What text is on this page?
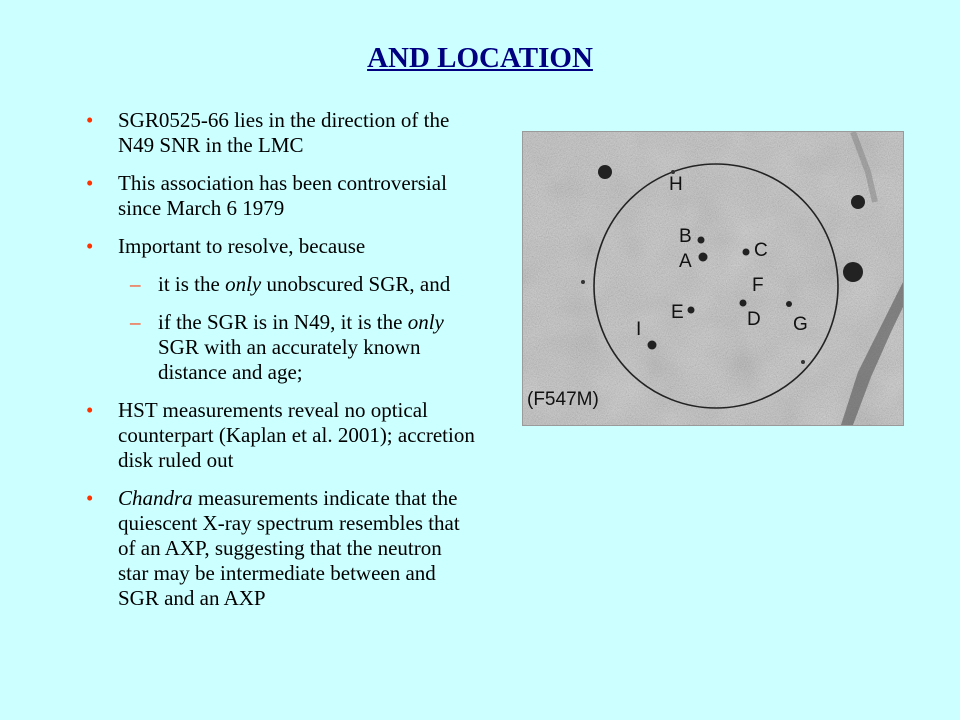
AND LOCATION
• SGR0525-66 lies in the direction of the N49 SNR in the LMC
• This association has been controversial since March 6 1979
• Important to resolve, because
– it is the only unobscured SGR, and
– if the SGR is in N49, it is the only SGR with an accurately known distance and age;
• HST measurements reveal no optical counterpart (Kaplan et al. 2001); accretion disk ruled out
• Chandra measurements indicate that the quiescent X-ray spectrum resembles that of an AXP, suggesting that the neutron star may be intermediate between and SGR and an AXP
H
B
A
C
F
E	D G
I
(F547M)
